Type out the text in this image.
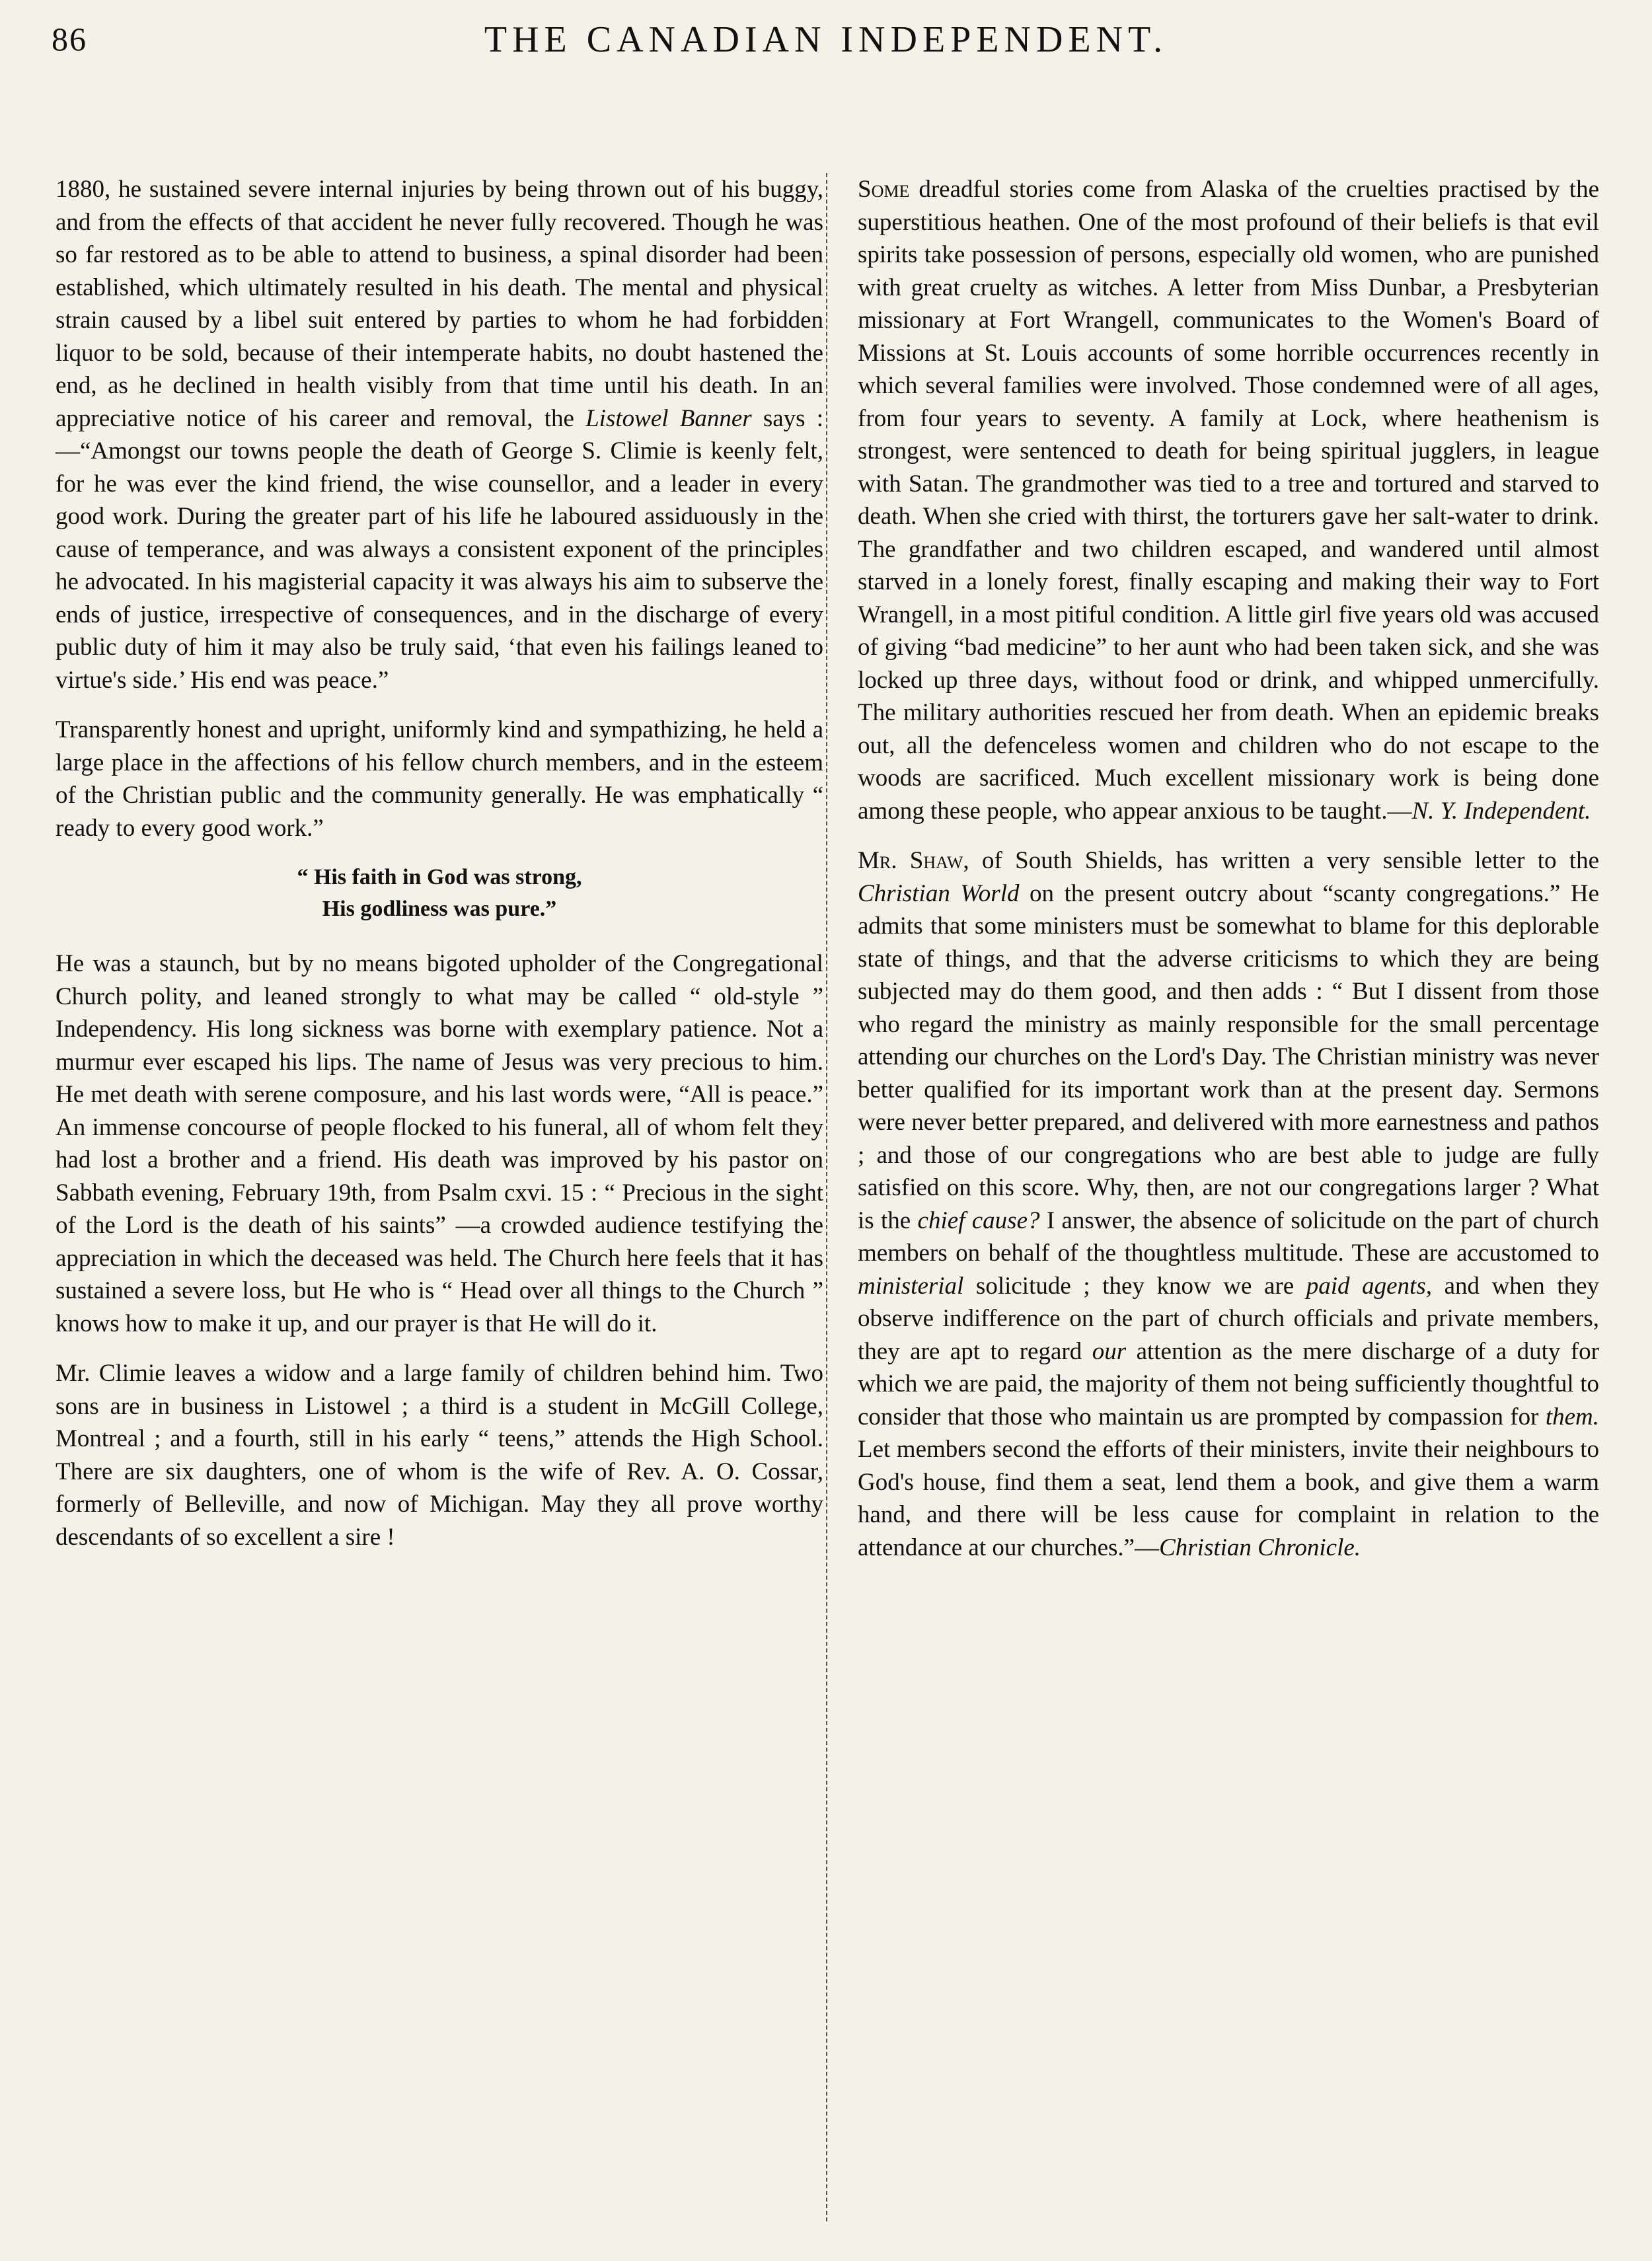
86	THE CANADIAN INDEPENDENT.

1880, he sustained severe internal injuries by being thrown out of his buggy, and from the effects of that accident he never fully recovered. Though he was so far restored as to be able to attend to business, a spinal disorder had been established, which ultimately resulted in his death. The mental and physical strain caused by a libel suit entered by parties to whom he had forbidden liquor to be sold, because of their intemperate habits, no doubt hastened the end, as he declined in health visibly from that time until his death. In an appreciative notice of his career and removal, the Listowel Banner says :—“Amongst our towns people the death of George S. Climie is keenly felt, for he was ever the kind friend, the wise counsellor, and a leader in every good work. During the greater part of his life he laboured assiduously in the cause of temperance, and was always a consistent exponent of the principles he advocated. In his magisterial capacity it was always his aim to subserve the ends of justice, irrespective of consequences, and in the discharge of every public duty of him it may also be truly said, ‘that even his failings leaned to virtue's side.’ His end was peace.”

Transparently honest and upright, uniformly kind and sympathizing, he held a large place in the affections of his fellow church members, and in the esteem of the Christian public and the community generally. He was emphatically “ ready to every good work.”

“ His faith in God was strong,
His godliness was pure.”

He was a staunch, but by no means bigoted upholder of the Congregational Church polity, and leaned strongly to what may be called “ old-style ” Independency. His long sickness was borne with exemplary patience. Not a murmur ever escaped his lips. The name of Jesus was very precious to him. He met death with serene composure, and his last words were, “All is peace.” An immense concourse of people flocked to his funeral, all of whom felt they had lost a brother and a friend. His death was improved by his pastor on Sabbath evening, February 19th, from Psalm cxvi. 15 : “ Precious in the sight of the Lord is the death of his saints” —a crowded audience testifying the appreciation in which the deceased was held. The Church here feels that it has sustained a severe loss, but He who is “ Head over all things to the Church ” knows how to make it up, and our prayer is that He will do it.

Mr. Climie leaves a widow and a large family of children behind him. Two sons are in business in Listowel ; a third is a student in McGill College, Montreal ; and a fourth, still in his early “ teens,” attends the High School. There are six daughters, one of whom is the wife of Rev. A. O. Cossar, formerly of Belleville, and now of Michigan. May they all prove worthy descendants of so excellent a sire !

Some dreadful stories come from Alaska of the cruelties practised by the superstitious heathen. One of the most profound of their beliefs is that evil spirits take possession of persons, especially old women, who are punished with great cruelty as witches. A letter from Miss Dunbar, a Presbyterian missionary at Fort Wrangell, communicates to the Women's Board of Missions at St. Louis accounts of some horrible occurrences recently in which several families were involved. Those condemned were of all ages, from four years to seventy. A family at Lock, where heathenism is strongest, were sentenced to death for being spiritual jugglers, in league with Satan. The grandmother was tied to a tree and tortured and starved to death. When she cried with thirst, the torturers gave her salt-water to drink. The grandfather and two children escaped, and wandered until almost starved in a lonely forest, finally escaping and making their way to Fort Wrangell, in a most pitiful condition. A little girl five years old was accused of giving “bad medicine” to her aunt who had been taken sick, and she was locked up three days, without food or drink, and whipped unmercifully. The military authorities rescued her from death. When an epidemic breaks out, all the defenceless women and children who do not escape to the woods are sacrificed. Much excellent missionary work is being done among these people, who appear anxious to be taught.—N. Y. Independent.

Mr. Shaw, of South Shields, has written a very sensible letter to the Christian World on the present outcry about “scanty congregations.” He admits that some ministers must be somewhat to blame for this deplorable state of things, and that the adverse criticisms to which they are being subjected may do them good, and then adds : “ But I dissent from those who regard the ministry as mainly responsible for the small percentage attending our churches on the Lord's Day. The Christian ministry was never better qualified for its important work than at the present day. Sermons were never better prepared, and delivered with more earnestness and pathos ; and those of our congregations who are best able to judge are fully satisfied on this score. Why, then, are not our congregations larger ? What is the chief cause? I answer, the absence of solicitude on the part of church members on behalf of the thoughtless multitude. These are accustomed to ministerial solicitude ; they know we are paid agents, and when they observe indifference on the part of church officials and private members, they are apt to regard our attention as the mere discharge of a duty for which we are paid, the majority of them not being sufficiently thoughtful to consider that those who maintain us are prompted by compassion for them. Let members second the efforts of their ministers, invite their neighbours to God's house, find them a seat, lend them a book, and give them a warm hand, and there will be less cause for complaint in relation to the attendance at our churches.”—Christian Chronicle.
